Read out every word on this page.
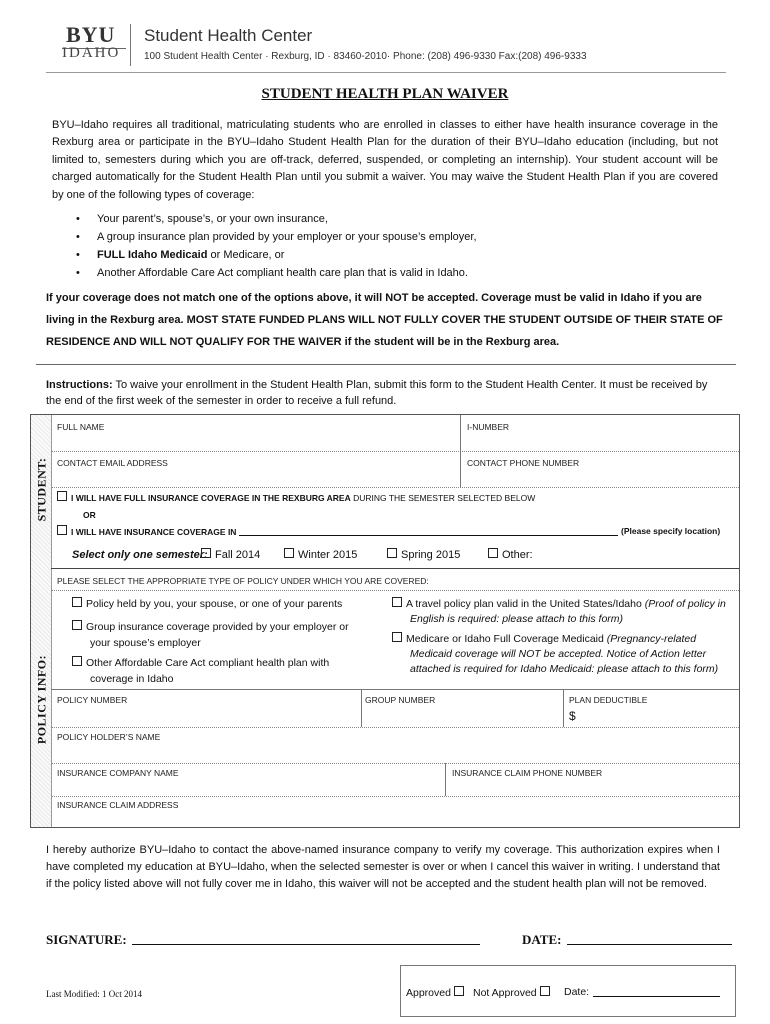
BYU
IDAHO
Student Health Center
100 Student Health Center · Rexburg, ID · 83460-2010· Phone: (208) 496-9330 Fax:(208) 496-9333
STUDENT HEALTH PLAN WAIVER
BYU–Idaho requires all traditional, matriculating students who are enrolled in classes to either have health insurance coverage in the Rexburg area or participate in the BYU–Idaho Student Health Plan for the duration of their BYU–Idaho education (including, but not limited to, semesters during which you are off-track, deferred, suspended, or completing an internship). Your student account will be charged automatically for the Student Health Plan until you submit a waiver. You may waive the Student Health Plan if you are covered by one of the following types of coverage:
• Your parent’s, spouse’s, or your own insurance,
• A group insurance plan provided by your employer or your spouse’s employer,
• FULL Idaho Medicaid or Medicare, or
• Another Affordable Care Act compliant health care plan that is valid in Idaho.
If your coverage does not match one of the options above, it will NOT be accepted. Coverage must be valid in Idaho if you are living in the Rexburg area. MOST STATE FUNDED PLANS WILL NOT FULLY COVER THE STUDENT OUTSIDE OF THEIR STATE OF RESIDENCE AND WILL NOT QUALIFY FOR THE WAIVER if the student will be in the Rexburg area.
Instructions: To waive your enrollment in the Student Health Plan, submit this form to the Student Health Center. It must be received by the end of the first week of the semester in order to receive a full refund.
STUDENT:
POLICY INFO:
FULL NAME	I-NUMBER
CONTACT EMAIL ADDRESS	CONTACT PHONE NUMBER
I WILL HAVE FULL INSURANCE COVERAGE IN THE REXBURG AREA DURING THE SEMESTER SELECTED BELOW
OR
I WILL HAVE INSURANCE COVERAGE IN	(Please specify location)
Select only one semester: Fall 2014	Winter 2015	Spring 2015	Other:
PLEASE SELECT THE APPROPRIATE TYPE OF POLICY UNDER WHICH YOU ARE COVERED:
Policy held by you, your spouse, or one of your parents
Group insurance coverage provided by your employer or
your spouse’s employer
Other Affordable Care Act compliant health plan with
coverage in Idaho
A travel policy plan valid in the United States/Idaho (Proof of policy in
English is required: please attach to this form)
Medicare or Idaho Full Coverage Medicaid (Pregnancy-related
Medicaid coverage will NOT be accepted. Notice of Action letter
attached is required for Idaho Medicaid: please attach to this form)
POLICY NUMBER	GROUP NUMBER	PLAN DEDUCTIBLE
$
POLICY HOLDER’S NAME
INSURANCE COMPANY NAME	INSURANCE CLAIM PHONE NUMBER
INSURANCE CLAIM ADDRESS
I hereby authorize BYU–Idaho to contact the above-named insurance company to verify my coverage. This authorization expires when I have completed my education at BYU–Idaho, when the selected semester is over or when I cancel this waiver in writing. I understand that if the policy listed above will not fully cover me in Idaho, this waiver will not be accepted and the student health plan will not be removed.
SIGNATURE:	DATE:
Last Modified: 1 Oct 2014	Approved	Not Approved	Date:
